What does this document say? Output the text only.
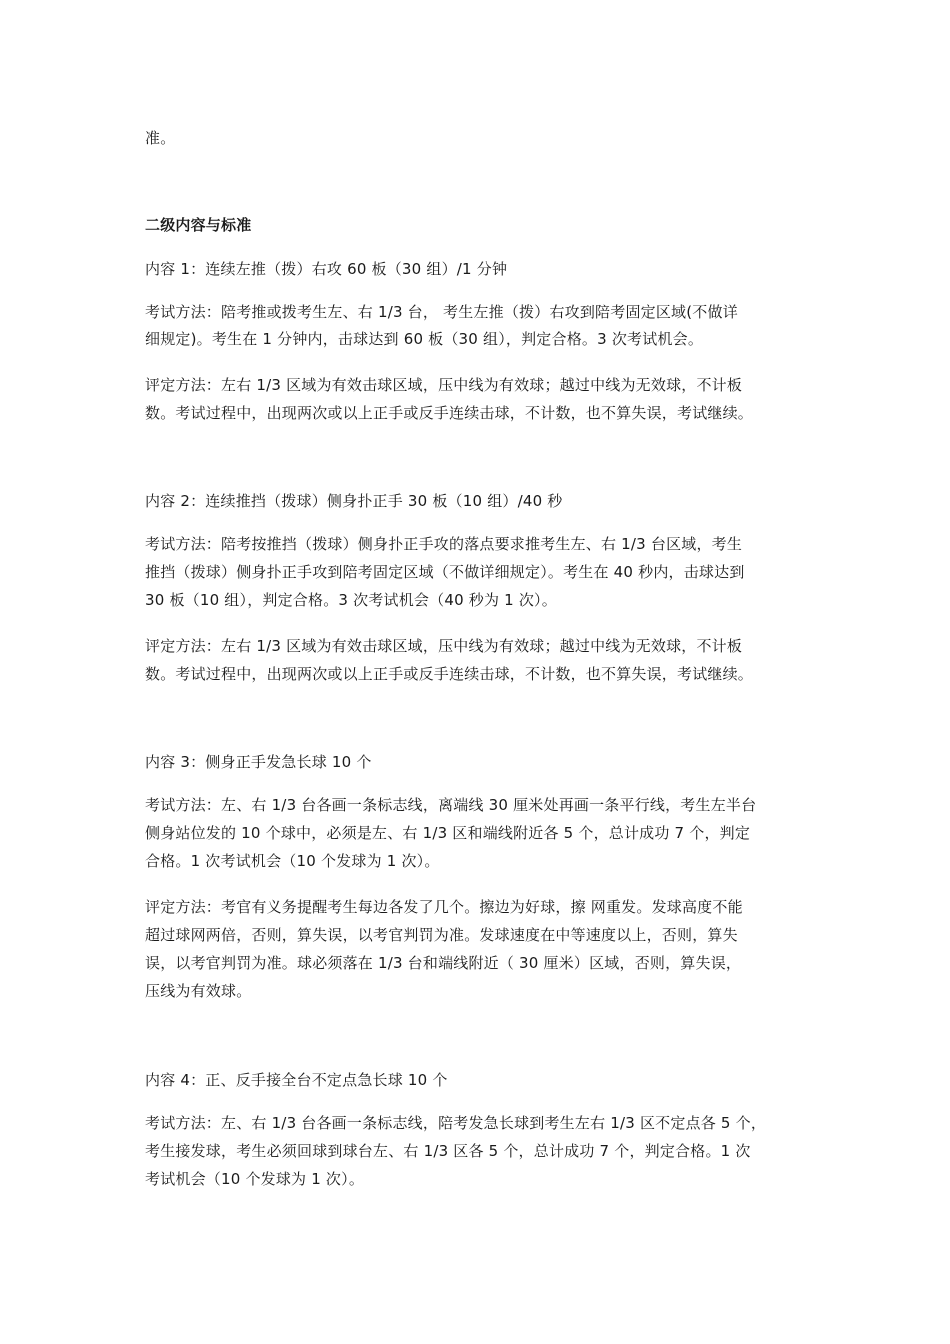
准。
二级内容与标准
内容 1：连续左推（拨）右攻 60 板（30 组）/1 分钟
考试方法：陪考推或拨考生左、右 1/3 台， 考生左推（拨）右攻到陪考固定区域(不做详
细规定)。考生在 1 分钟内，击球达到 60 板（30 组），判定合格。3 次考试机会。
评定方法：左右 1/3 区域为有效击球区域，压中线为有效球；越过中线为无效球，不计板
数。考试过程中，出现两次或以上正手或反手连续击球，不计数，也不算失误，考试继续。
内容 2：连续推挡（拨球）侧身扑正手 30 板（10 组）/40 秒
考试方法：陪考按推挡（拨球）侧身扑正手攻的落点要求推考生左、右 1/3 台区域，考生
推挡（拨球）侧身扑正手攻到陪考固定区域（不做详细规定）。考生在 40 秒内，击球达到
30 板（10 组），判定合格。3 次考试机会（40 秒为 1 次）。
评定方法：左右 1/3 区域为有效击球区域，压中线为有效球；越过中线为无效球，不计板
数。考试过程中，出现两次或以上正手或反手连续击球，不计数，也不算失误，考试继续。
内容 3：侧身正手发急长球 10 个
考试方法：左、右 1/3 台各画一条标志线，离端线 30 厘米处再画一条平行线，考生左半台
侧身站位发的 10 个球中，必须是左、右 1/3 区和端线附近各 5 个，总计成功 7 个，判定
合格。1 次考试机会（10 个发球为 1 次）。
评定方法：考官有义务提醒考生每边各发了几个。擦边为好球，擦 网重发。发球高度不能
超过球网两倍，否则，算失误，以考官判罚为准。发球速度在中等速度以上，否则，算失
误，以考官判罚为准。球必须落在 1/3 台和端线附近（ 30 厘米）区域，否则，算失误，
压线为有效球。
内容 4：正、反手接全台不定点急长球 10 个
考试方法：左、右 1/3 台各画一条标志线，陪考发急长球到考生左右 1/3 区不定点各 5 个，
考生接发球，考生必须回球到球台左、右 1/3 区各 5 个，总计成功 7 个，判定合格。1 次
考试机会（10 个发球为 1 次）。
